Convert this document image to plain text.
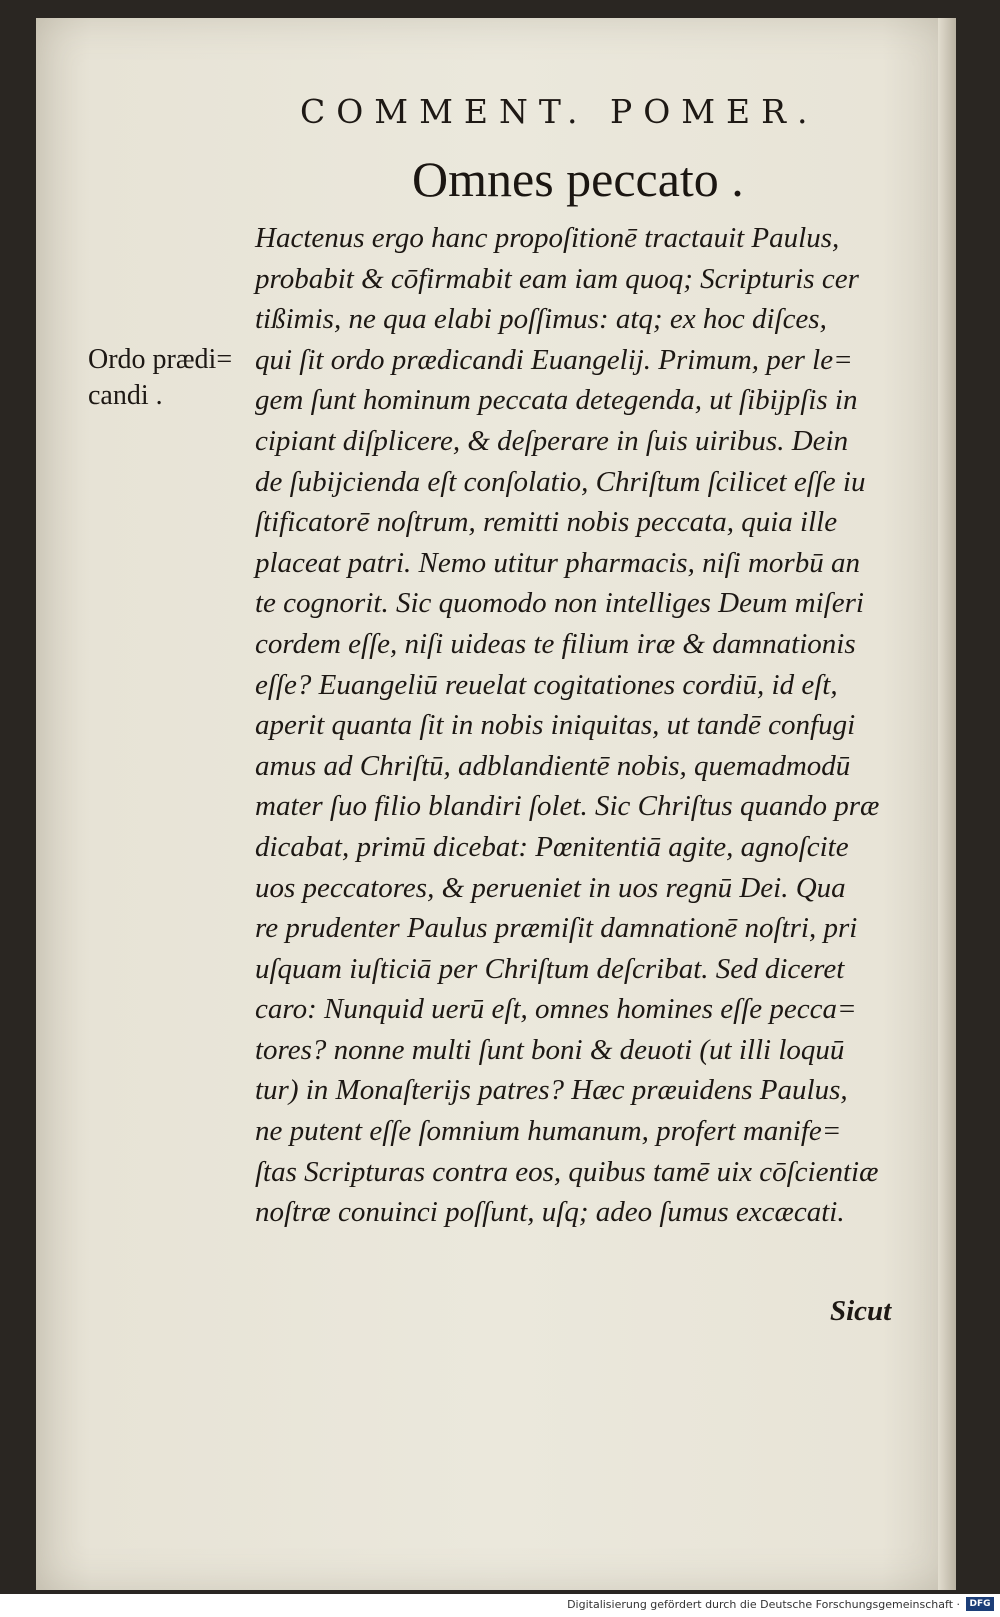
COMMENT. POMER.
Omnes peccato .
Ordo prædi=
candi .
Hactenus ergo hanc propoſitionē tractauit Paulus,
probabit & cōfirmabit eam iam quoq; Scripturis cer
tißimis, ne qua elabi poſſimus: atq; ex hoc diſces,
qui ſit ordo prædicandi Euangelij. Primum, per le=
gem ſunt hominum peccata detegenda, ut ſibijpſis in
cipiant diſplicere, & deſperare in ſuis uiribus. Dein
de ſubijcienda eſt conſolatio, Chriſtum ſcilicet eſſe iu
ſtificatorē noſtrum, remitti nobis peccata, quia ille
placeat patri. Nemo utitur pharmacis, niſi morbū an
te cognorit. Sic quomodo non intelliges Deum miſeri
cordem eſſe, niſi uideas te filium iræ & damnationis
eſſe? Euangeliū reuelat cogitationes cordiū, id eſt,
aperit quanta ſit in nobis iniquitas, ut tandē confugi
amus ad Chriſtū, adblandientē nobis, quemadmodū
mater ſuo filio blandiri ſolet. Sic Chriſtus quando præ
dicabat, primū dicebat: Pœnitentiā agite, agnoſcite
uos peccatores, & perueniet in uos regnū Dei. Qua
re prudenter Paulus præmiſit damnationē noſtri, pri
uſquam iuſticiā per Chriſtum deſcribat. Sed diceret
caro: Nunquid uerū eſt, omnes homines eſſe pecca=
tores? nonne multi ſunt boni & deuoti (ut illi loquū
tur) in Monaſterijs patres? Hæc præuidens Paulus,
ne putent eſſe ſomnium humanum, profert manife=
ſtas Scripturas contra eos, quibus tamē uix cōſcientiæ
noſtræ conuinci poſſunt, uſq; adeo ſumus excæcati.
Sicut
Digitalisierung gefördert durch die Deutsche Forschungsgemeinschaft ·	DFG
